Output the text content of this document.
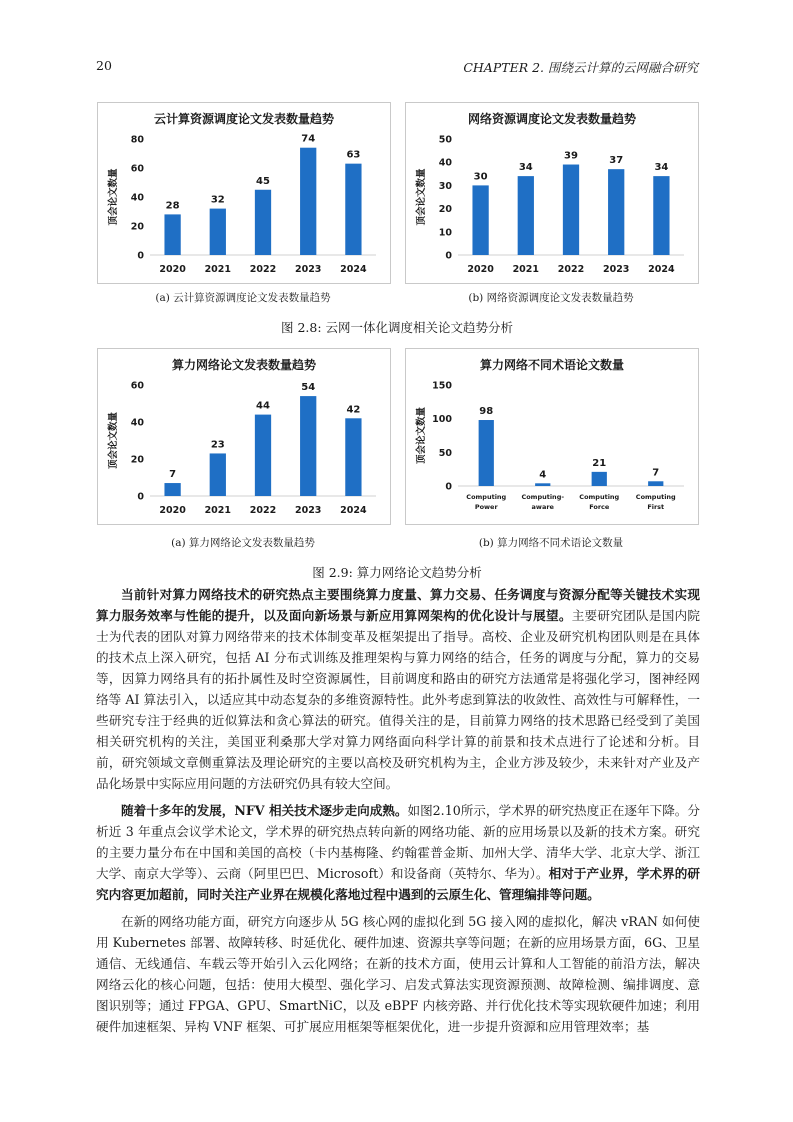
20	CHAPTER 2. 围绕云计算的云网融合研究
云计算资源调度论文发表数量趋势
顶会论文数量
0
20
40
60
80
28
2020
32
2021
45
2022
74
2023
63
2024
网络资源调度论文发表数量趋势
顶会论文数量
0
10
20
30
40
50
30
2020
34
2021
39
2022
37
2023
34
2024
(a) 云计算资源调度论文发表数量趋势	(b) 网络资源调度论文发表数量趋势
图 2.8: 云网一体化调度相关论文趋势分析
算力网络论文发表数量趋势
顶会论文数量
0
20
40
60
7
2020
23
2021
44
2022
54
2023
42
2024
算力网络不同术语论文数量
顶会论文数量
0
50
100
150
98
Computing
Power
4
Computing-
aware
21
Computing
Force
7
Computing
First
(a) 算力网络论文发表数量趋势	(b) 算力网络不同术语论文数量
图 2.9: 算力网络论文趋势分析

当前针对算力网络技术的研究热点主要围绕算力度量、算力交易、任务调度与资源分配等关键技术实现算力服务效率与性能的提升，以及面向新场景与新应用算网架构的优化设计与展望。主要研究团队是国内院士为代表的团队对算力网络带来的技术体制变革及框架提出了指导。高校、企业及研究机构团队则是在具体的技术点上深入研究，包括 AI 分布式训练及推理架构与算力网络的结合，任务的调度与分配，算力的交易等，因算力网络具有的拓扑属性及时空资源属性，目前调度和路由的研究方法通常是将强化学习，图神经网络等 AI 算法引入，以适应其中动态复杂的多维资源特性。此外考虑到算法的收敛性、高效性与可解释性，一些研究专注于经典的近似算法和贪心算法的研究。值得关注的是，目前算力网络的技术思路已经受到了美国相关研究机构的关注，美国亚利桑那大学对算力网络面向科学计算的前景和技术点进行了论述和分析。目前，研究领域文章侧重算法及理论研究的主要以高校及研究机构为主，企业方涉及较少，未来针对产业及产品化场景中实际应用问题的方法研究仍具有较大空间。

随着十多年的发展，NFV 相关技术逐步走向成熟。如图2.10所示，学术界的研究热度正在逐年下降。分析近 3 年重点会议学术论文，学术界的研究热点转向新的网络功能、新的应用场景以及新的技术方案。研究的主要力量分布在中国和美国的高校（卡内基梅隆、约翰霍普金斯、加州大学、清华大学、北京大学、浙江大学、南京大学等）、云商（阿里巴巴、Microsoft）和设备商（英特尔、华为）。相对于产业界，学术界的研究内容更加超前，同时关注产业界在规模化落地过程中遇到的云原生化、管理编排等问题。

在新的网络功能方面，研究方向逐步从 5G 核心网的虚拟化到 5G 接入网的虚拟化，解决 vRAN 如何使用 Kubernetes 部署、故障转移、时延优化、硬件加速、资源共享等问题；在新的应用场景方面，6G、卫星通信、无线通信、车载云等开始引入云化网络；在新的技术方面，使用云计算和人工智能的前沿方法，解决网络云化的核心问题，包括：使用大模型、强化学习、启发式算法实现资源预测、故障检测、编排调度、意图识别等；通过 FPGA、GPU、SmartNiC，以及 eBPF 内核旁路、并行优化技术等实现软硬件加速；利用硬件加速框架、异构 VNF 框架、可扩展应用框架等框架优化，进一步提升资源和应用管理效率；基
